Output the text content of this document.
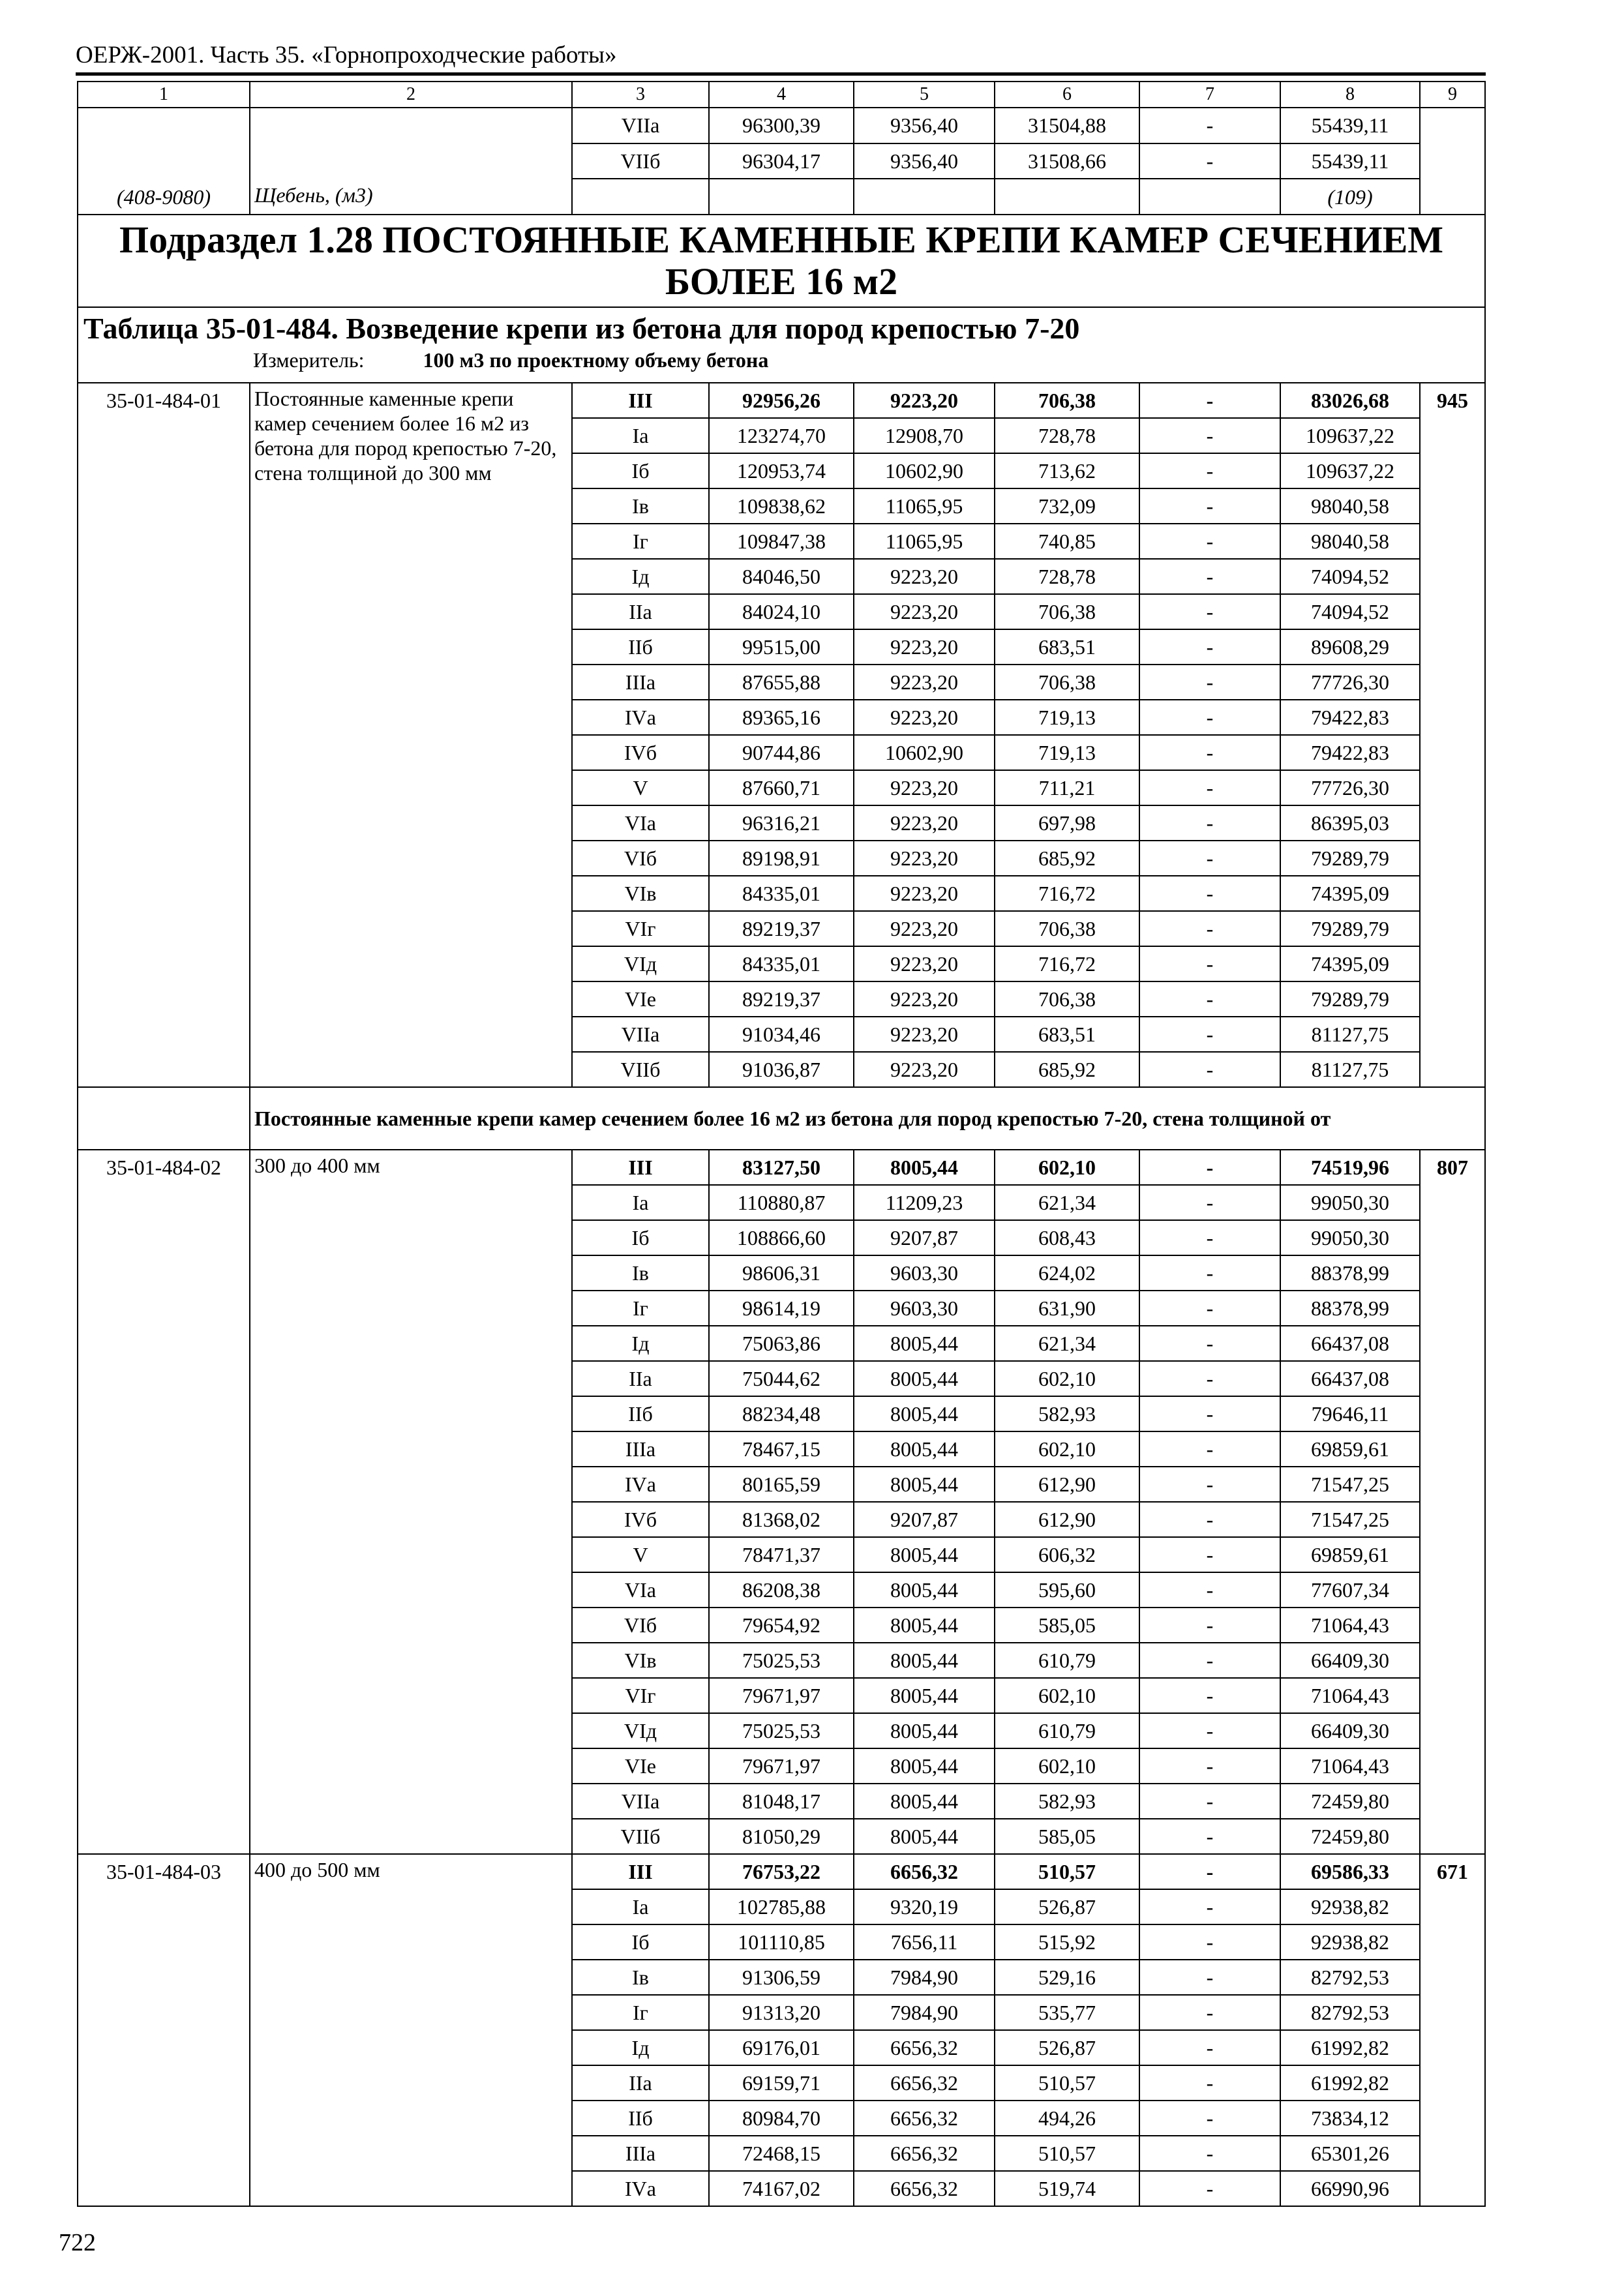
ОЕРЖ-2001. Часть 35. «Горнопроходческие работы»
1	2	3	4	5	6	7	8	9

(408-9080)	Щебень, (м3)	VIIа	96300,39	9356,40	31504,88	-	55439,11	
		VIIб	96304,17	9356,40	31508,66	-	55439,11	
							(109)	
Подраздел 1.28 ПОСТОЯННЫЕ КАМЕННЫЕ КРЕПИ КАМЕР СЕЧЕНИЕМ БОЛЕЕ 16 м2								

Таблица 35-01-484. Возведение крепи из бетона для пород крепостью 7-20
Измеритель: 100 м3 по проектному объему бетона								

35-01-484-01	Постоянные каменные крепи камер сечением более 16 м2 из бетона для пород крепостью 7-20, стена толщиной до 300 мм	III	92956,26	9223,20	706,38	-	83026,68	945
		Iа	123274,70	12908,70	728,78	-	109637,22	
		Iб	120953,74	10602,90	713,62	-	109637,22	
		Iв	109838,62	11065,95	732,09	-	98040,58	
		Iг	109847,38	11065,95	740,85	-	98040,58	
		Iд	84046,50	9223,20	728,78	-	74094,52	
		IIа	84024,10	9223,20	706,38	-	74094,52	
		IIб	99515,00	9223,20	683,51	-	89608,29	
		IIIа	87655,88	9223,20	706,38	-	77726,30	
		IVа	89365,16	9223,20	719,13	-	79422,83	
		IVб	90744,86	10602,90	719,13	-	79422,83	
		V	87660,71	9223,20	711,21	-	77726,30	
		VIа	96316,21	9223,20	697,98	-	86395,03	
		VIб	89198,91	9223,20	685,92	-	79289,79	
		VIв	84335,01	9223,20	716,72	-	74395,09	
		VIг	89219,37	9223,20	706,38	-	79289,79	
		VIд	84335,01	9223,20	716,72	-	74395,09	
		VIе	89219,37	9223,20	706,38	-	79289,79	
		VIIа	91034,46	9223,20	683,51	-	81127,75	
		VIIб	91036,87	9223,20	685,92	-	81127,75	
	Постоянные каменные крепи камер сечением более 16 м2 из бетона для пород крепостью 7-20, стена толщиной от							
35-01-484-02	300 до 400 мм	III	83127,50	8005,44	602,10	-	74519,96	807
		Iа	110880,87	11209,23	621,34	-	99050,30	
		Iб	108866,60	9207,87	608,43	-	99050,30	
		Iв	98606,31	9603,30	624,02	-	88378,99	
		Iг	98614,19	9603,30	631,90	-	88378,99	
		Iд	75063,86	8005,44	621,34	-	66437,08	
		IIа	75044,62	8005,44	602,10	-	66437,08	
		IIб	88234,48	8005,44	582,93	-	79646,11	
		IIIа	78467,15	8005,44	602,10	-	69859,61	
		IVа	80165,59	8005,44	612,90	-	71547,25	
		IVб	81368,02	9207,87	612,90	-	71547,25	
		V	78471,37	8005,44	606,32	-	69859,61	
		VIа	86208,38	8005,44	595,60	-	77607,34	
		VIб	79654,92	8005,44	585,05	-	71064,43	
		VIв	75025,53	8005,44	610,79	-	66409,30	
		VIг	79671,97	8005,44	602,10	-	71064,43	
		VIд	75025,53	8005,44	610,79	-	66409,30	
		VIе	79671,97	8005,44	602,10	-	71064,43	
		VIIа	81048,17	8005,44	582,93	-	72459,80	
		VIIб	81050,29	8005,44	585,05	-	72459,80	
35-01-484-03	400 до 500 мм	III	76753,22	6656,32	510,57	-	69586,33	671
		Iа	102785,88	9320,19	526,87	-	92938,82	
		Iб	101110,85	7656,11	515,92	-	92938,82	
		Iв	91306,59	7984,90	529,16	-	82792,53	
		Iг	91313,20	7984,90	535,77	-	82792,53	
		Iд	69176,01	6656,32	526,87	-	61992,82	
		IIа	69159,71	6656,32	510,57	-	61992,82	
		IIб	80984,70	6656,32	494,26	-	73834,12	
		IIIа	72468,15	6656,32	510,57	-	65301,26	
		IVа	74167,02	6656,32	519,74	-	66990,96	
722
